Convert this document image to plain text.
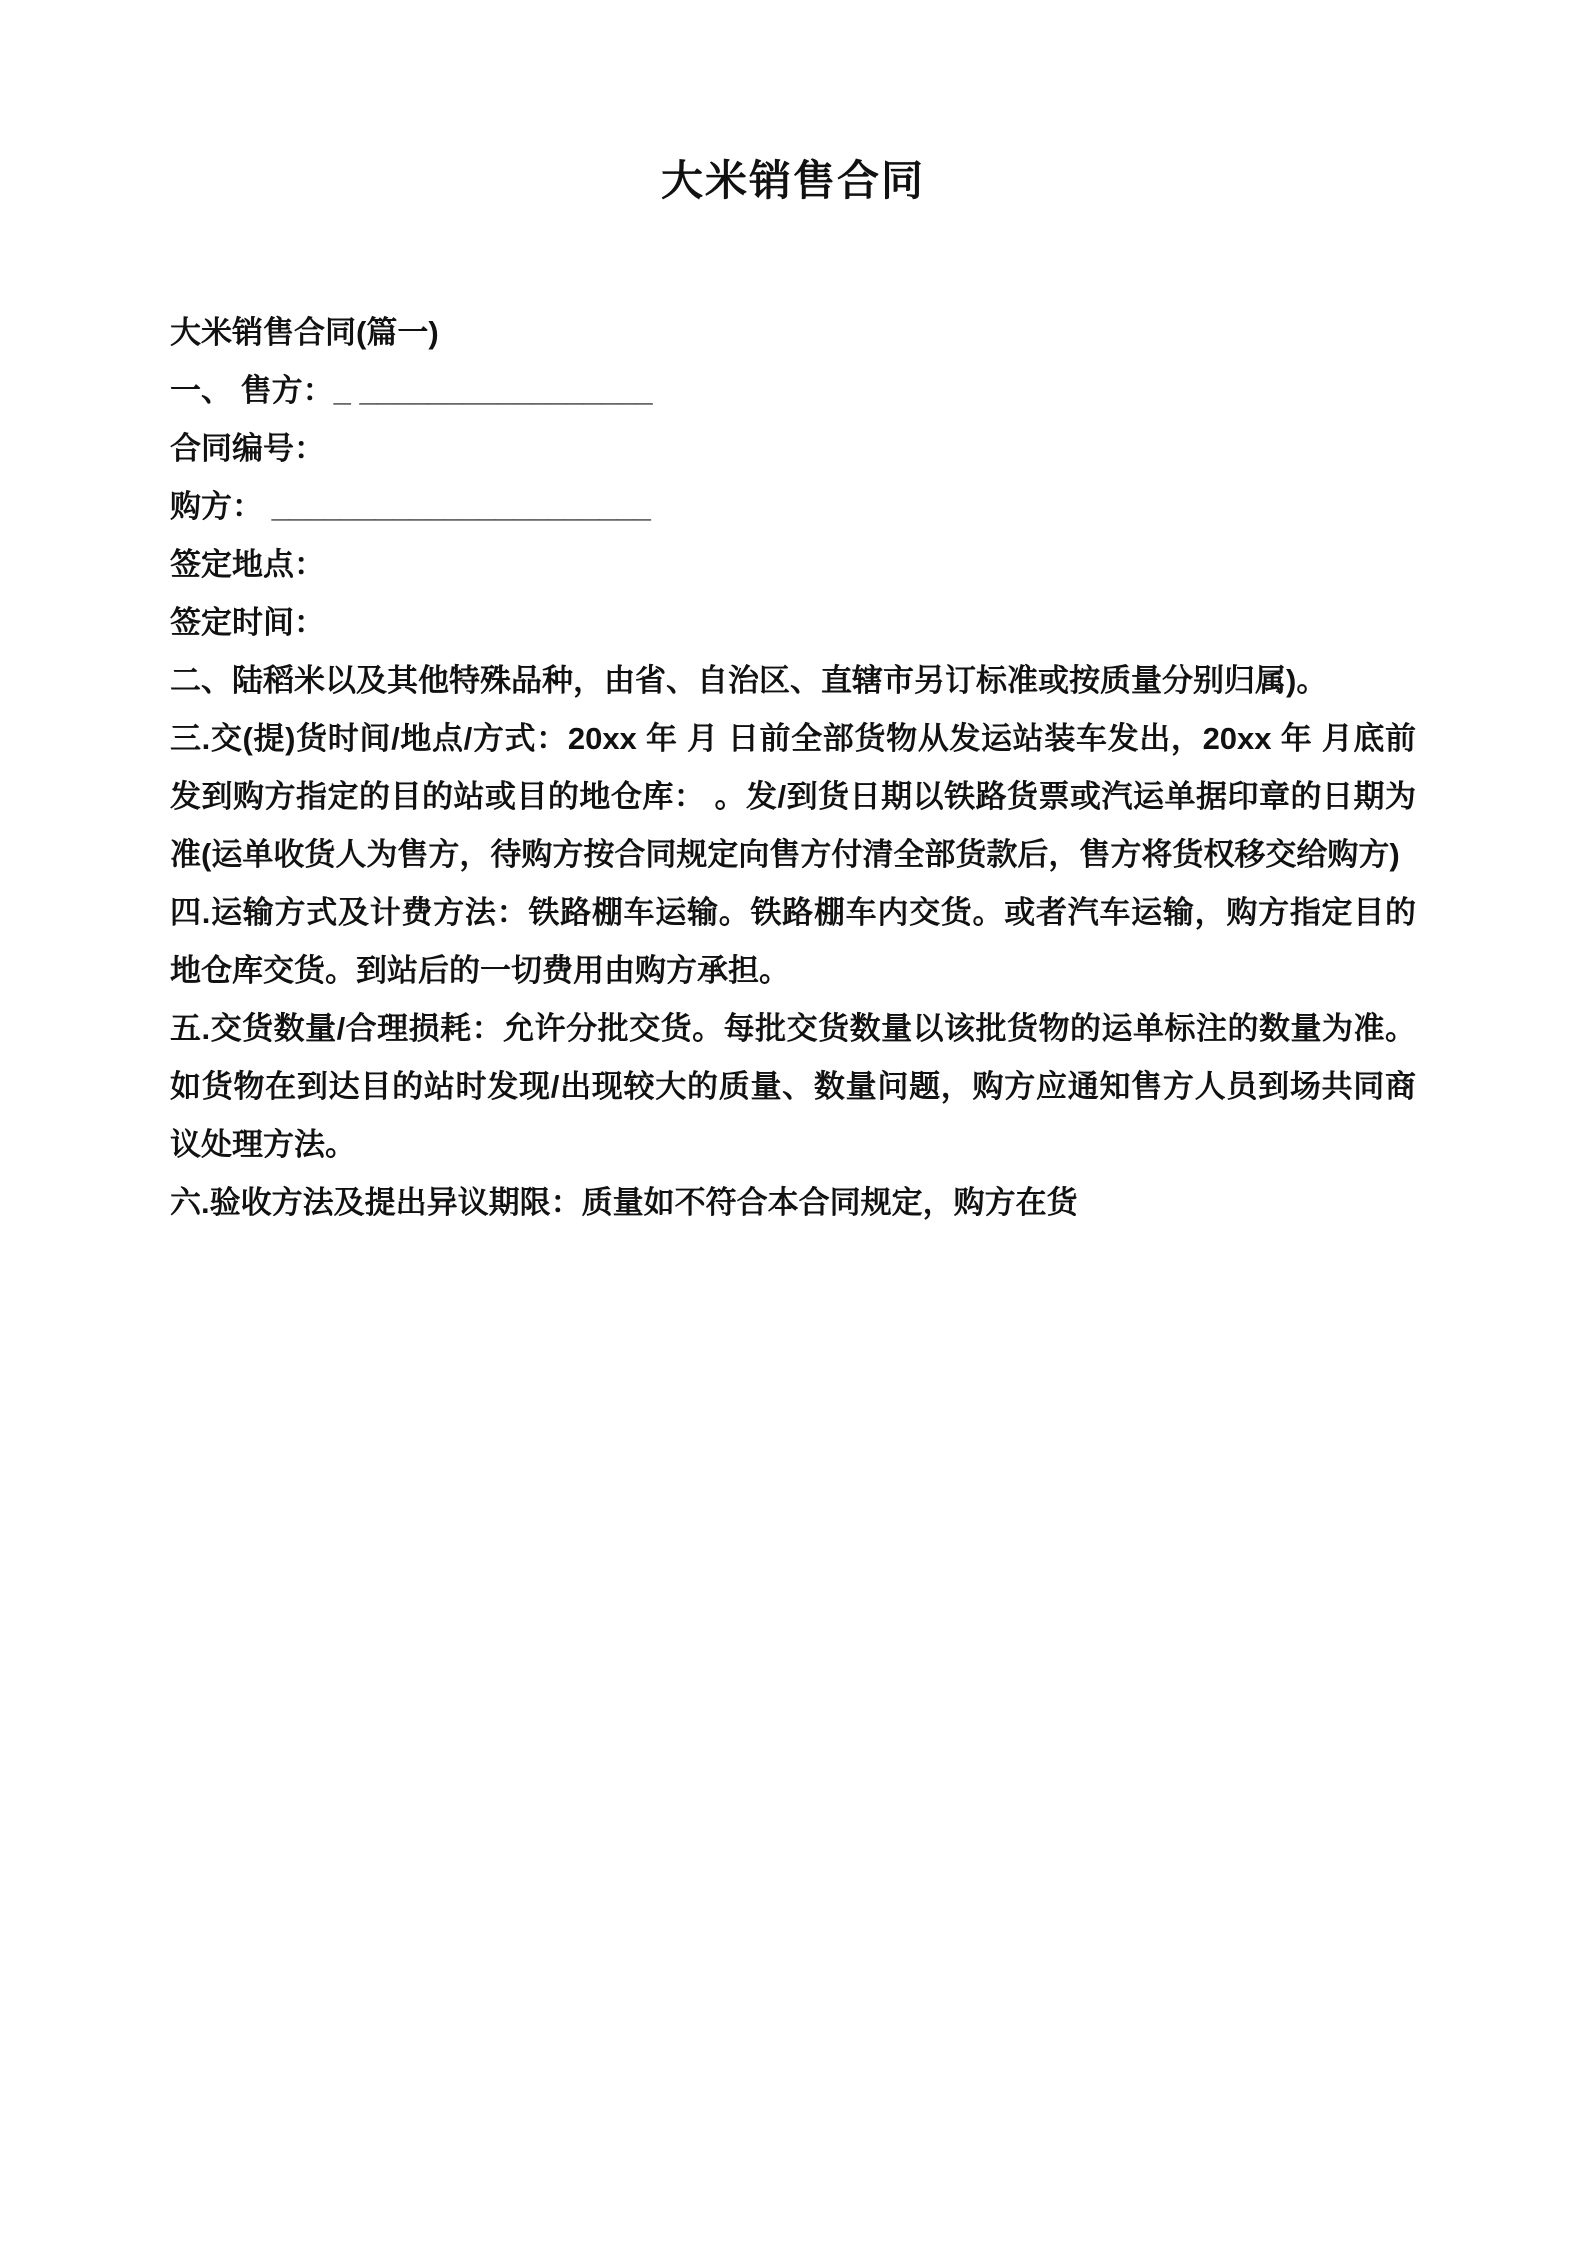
大米销售合同

大米销售合同(篇一)

一、 售方：_ _________________

合同编号：

购方： ______________________

签定地点：

签定时间：

二、陆稻米以及其他特殊品种，由省、自治区、直辖市另订标准或按质量分别归属)。

三.交(提)货时间/地点/方式：20xx 年 月 日前全部货物从发运站装车发出，20xx 年 月底前发到购方指定的目的站或目的地仓库： 。发/到货日期以铁路货票或汽运单据印章的日期为准(运单收货人为售方，待购方按合同规定向售方付清全部货款后，售方将货权移交给购方)

四.运输方式及计费方法：铁路棚车运输。铁路棚车内交货。或者汽车运输，购方指定目的地仓库交货。到站后的一切费用由购方承担。

五.交货数量/合理损耗：允许分批交货。每批交货数量以该批货物的运单标注的数量为准。如货物在到达目的站时发现/出现较大的质量、数量问题，购方应通知售方人员到场共同商议处理方法。

六.验收方法及提出异议期限：质量如不符合本合同规定，购方在货
